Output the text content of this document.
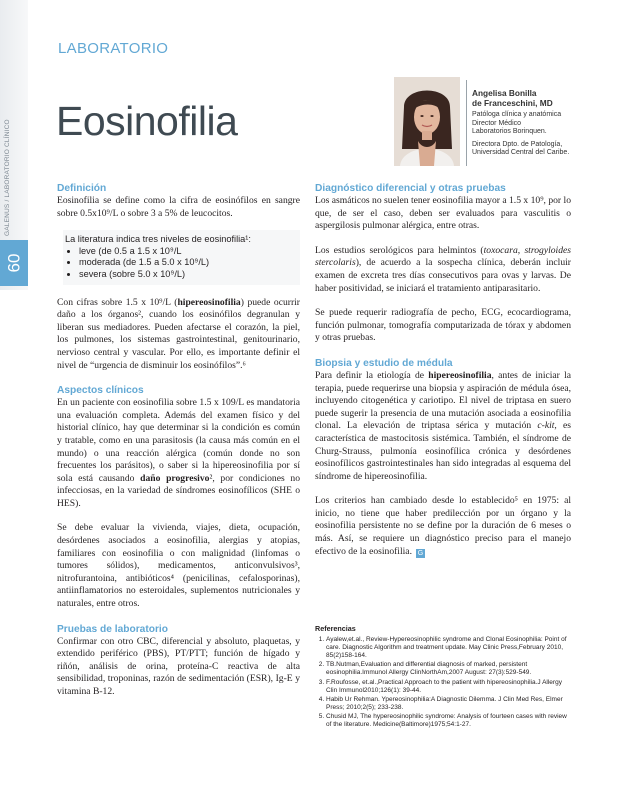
60
LABORATORIO
Eosinofilia
Angelisa Bonilla
de Franceschini, MD
Patóloga clínica y anatómica
Director Médico
Laboratorios Borinquen.
Directora Dpto. de Patología,
Universidad Central del Caribe.
Definición

Eosinofilia se define como la cifra de eosinófilos en sangre sobre 0.5x10⁹/L o sobre 3 a 5% de leucocitos.

La literatura indica tres niveles de eosinofilia¹:
• leve (de 0.5 a 1.5 x 10⁹/L
• moderada (de 1.5 a 5.0 x 10⁹/L)
• severa (sobre 5.0 x 10⁹/L)

Con cifras sobre 1.5 x 10⁹/L (hipereosinofilia) puede ocurrir daño a los órganos², cuando los eosinófilos degranulan y liberan sus mediadores. Pueden afectarse el corazón, la piel, los pulmones, los sistemas gastrointestinal, genitourinario, nervioso central y vascular. Por ello, es importante definir el nivel de “urgencia de disminuir los eosinófilos”.⁶

Aspectos clínicos

En un paciente con eosinofilia sobre 1.5 x 109/L es mandatoria una evaluación completa. Además del examen físico y del historial clínico, hay que determinar si la condición es común y tratable, como en una parasitosis (la causa más común en el mundo) o una reacción alérgica (común donde no son frecuentes los parásitos), o saber si la hipereosinofilia por sí sola está causando daño progresivo², por condiciones no infecciosas, en la variedad de síndromes eosinofílicos (SHE o HES).

Se debe evaluar la vivienda, viajes, dieta, ocupación, desórdenes asociados a eosinofilia, alergias y atopias, familiares con eosinofilia o con malignidad (linfomas o tumores sólidos), medicamentos, anticonvulsivos³, nitrofurantoina, antibióticos⁴ (penicilinas, cefalosporinas), antiinflamatorios no esteroidales, suplementos nutricionales y naturales, entre otros.

Pruebas de laboratorio

Confirmar con otro CBC, diferencial y absoluto, plaquetas, y extendido periférico (PBS), PT/PTT; función de hígado y riñón, análisis de orina, proteína-C reactiva de alta sensibilidad, troponinas, razón de sedimentación (ESR), Ig-E y vitamina B-12.

Diagnóstico diferencial y otras pruebas

Los asmáticos no suelen tener eosinofilia mayor a 1.5 x 10⁹, por lo que, de ser el caso, deben ser evaluados para vasculitis o aspergilosis pulmonar alérgica, entre otras.

Los estudios serológicos para helmintos (toxocara, strogyloides stercolaris), de acuerdo a la sospecha clínica, deberán incluir examen de excreta tres días consecutivos para ovas y larvas. De haber positividad, se iniciará el tratamiento antiparasitario.

Se puede requerir radiografía de pecho, ECG, ecocardiograma, función pulmonar, tomografía computarizada de tórax y abdomen y otras pruebas.

Biopsia y estudio de médula

Para definir la etiología de hipereosinofilia, antes de iniciar la terapia, puede requerirse una biopsia y aspiración de médula ósea, incluyendo citogenética y cariotipo. El nivel de triptasa en suero puede sugerir la presencia de una mutación asociada a eosinofilia clonal. La elevación de triptasa sérica y mutación c-kit, es característica de mastocitosis sistémica. También, el síndrome de Churg-Strauss, pulmonía eosinofílica crónica y desórdenes eosinofílicos gastrointestinales han sido integradas al esquema del síndrome de hipereosinofilia.

Los criterios han cambiado desde lo establecido⁵ en 1975: al inicio, no tiene que haber predilección por un órgano y la eosinofilia persistente no se define por la duración de 6 meses o más. Así, se requiere un diagnóstico preciso para el manejo efectivo de la eosinofilia. G

Referencias
1. Ayalew,et.al., Review-Hypereosinophilic syndrome and Clonal Eosinophilia: Point of care. Diagnostic Algorithm and treatment update. May Clinic Press,February 2010, 85(2)158-164.
2. TB.Nutman,Evaluation and differential diagnosis of marked, persistent eosinophilia.Immunol Allergy ClinNorthAm,2007 August: 27(3):529-549.
3. F.Roufosse, et.al.,Practical Approach to the patient with hipereosinophilia.J Allergy Clin Immunol2010;126(1): 39-44.
4. Habib Ur Rehman. Ypereosinophilia:A Diagnostic Dilemma. J Clin Med Res, Elmer Press; 2010;2(5); 233-238.
5. Chusid MJ, The hypereosinophilic syndrome: Analysis of fourteen cases with review of the literature. Medicine(Baltimore)1975;54:1-27.
